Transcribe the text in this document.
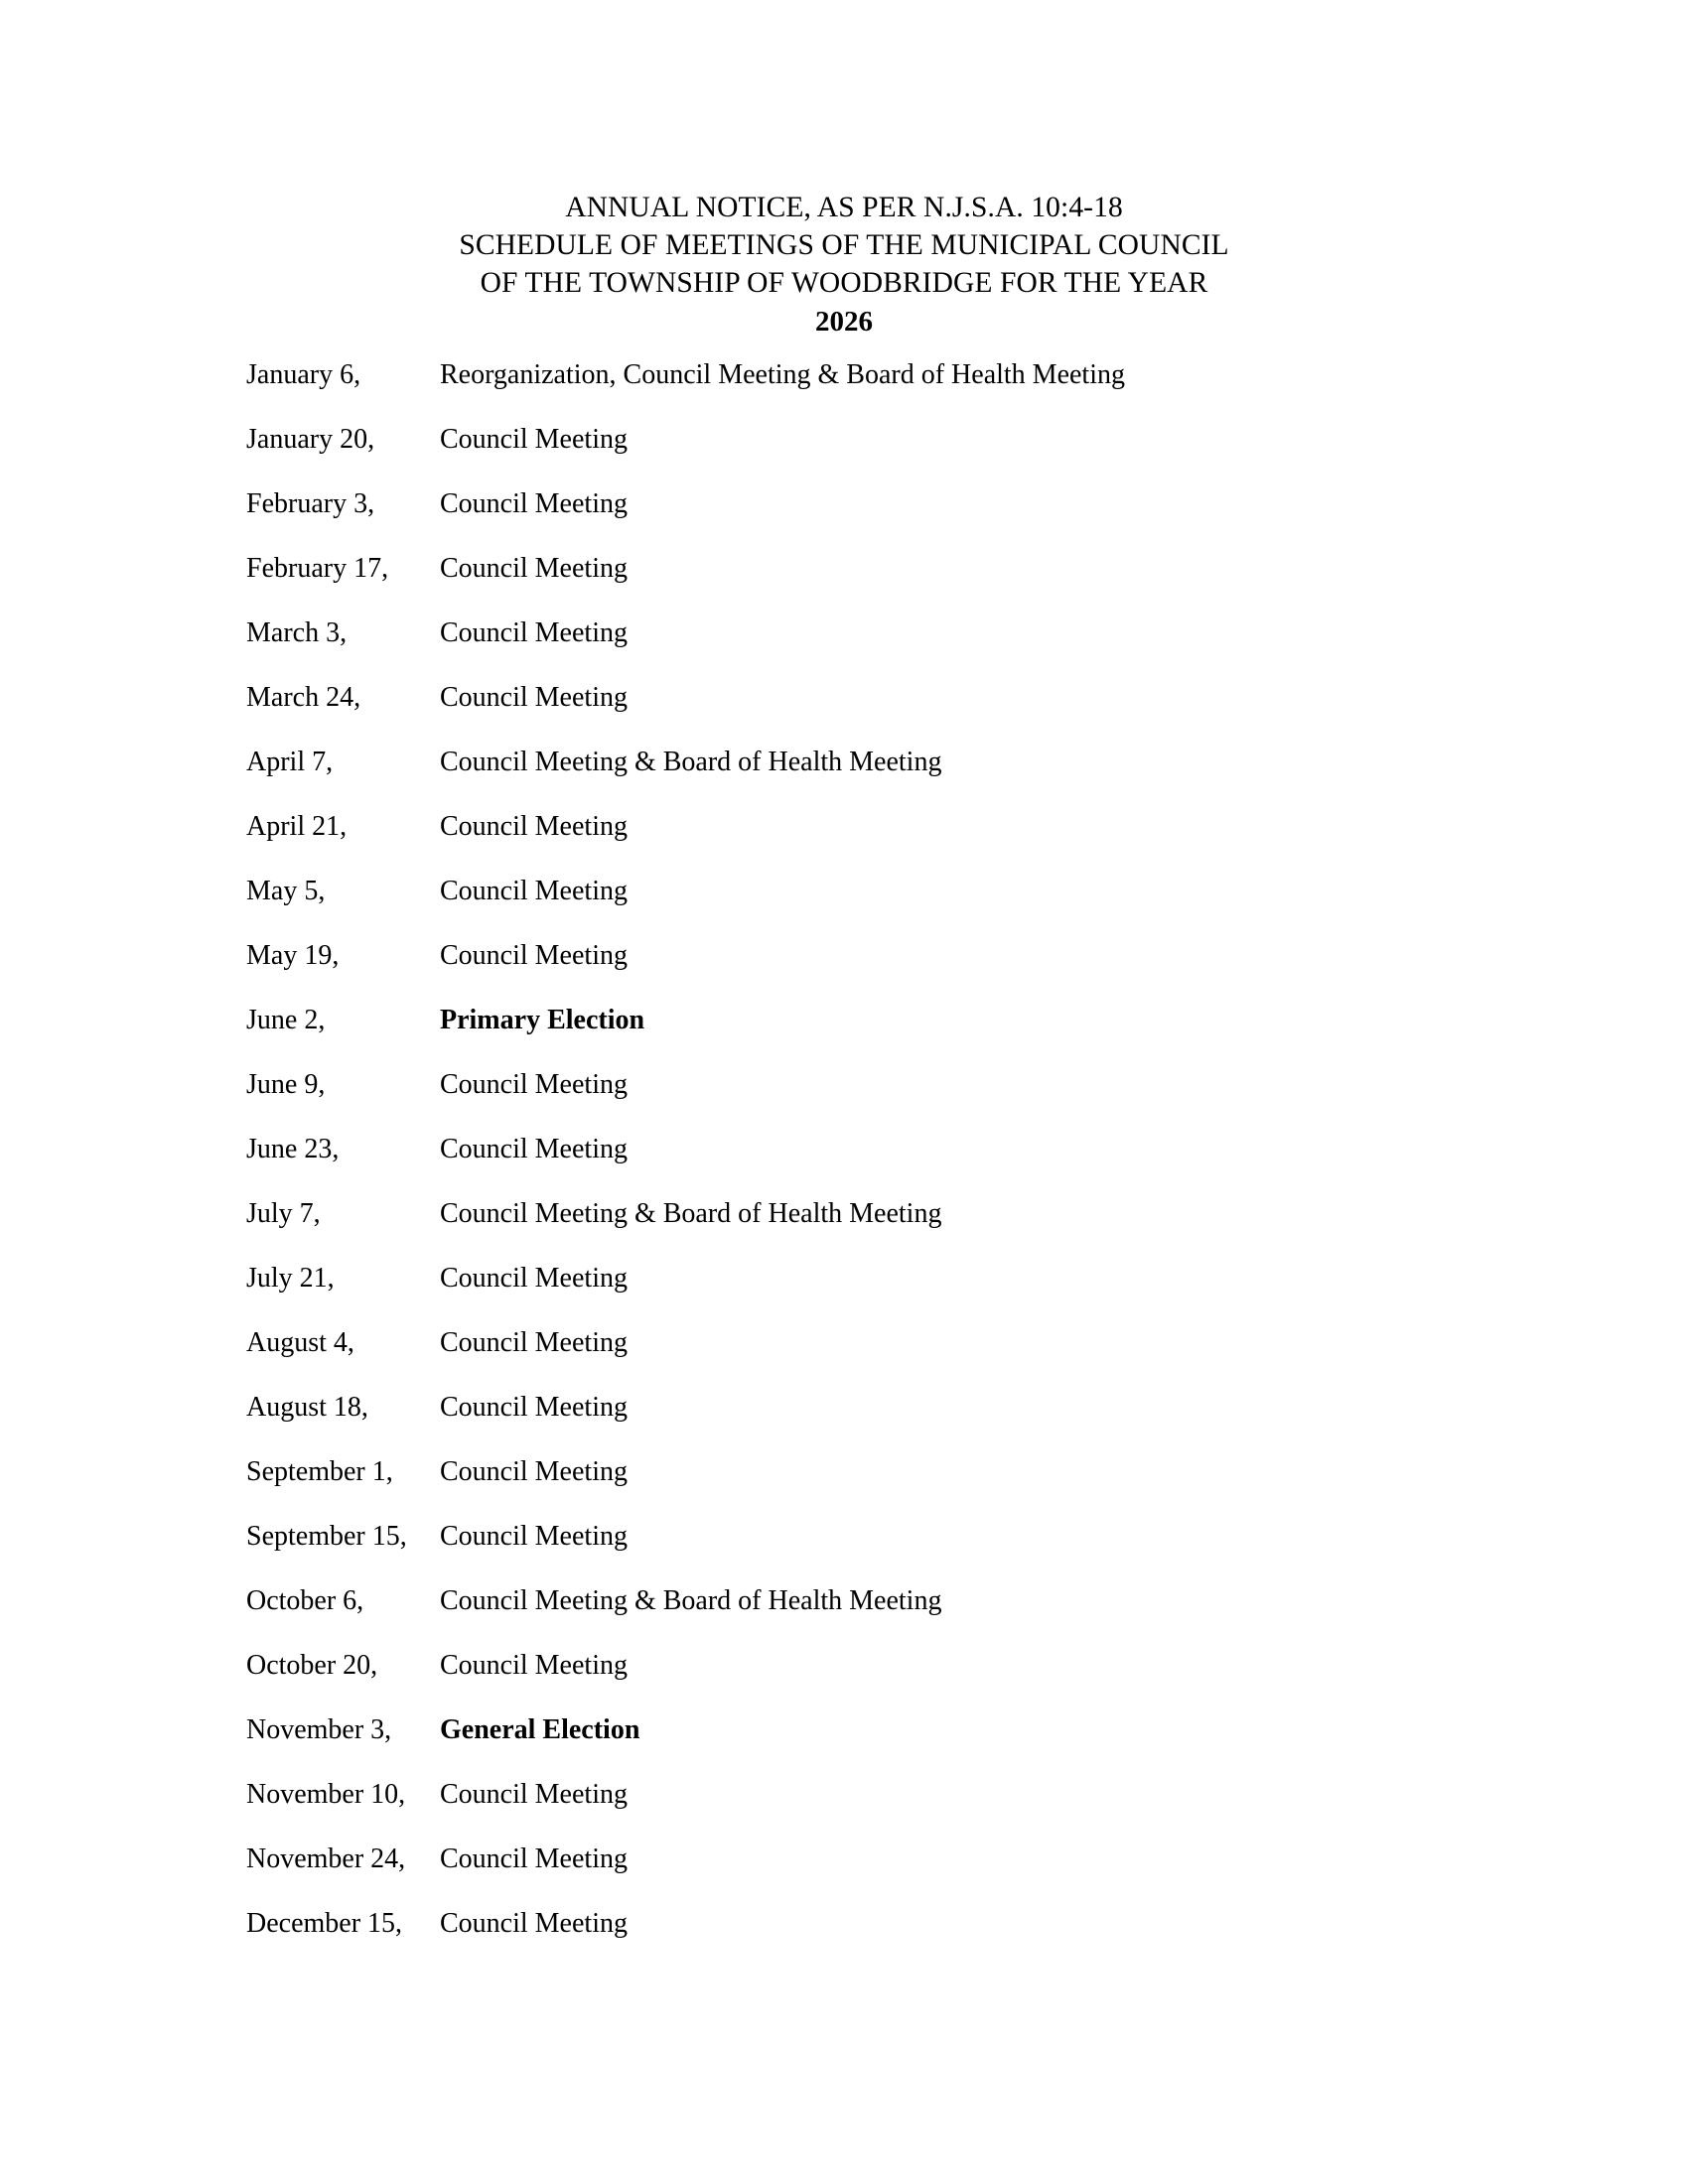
ANNUAL NOTICE, AS PER N.J.S.A. 10:4-18
SCHEDULE OF MEETINGS OF THE MUNICIPAL COUNCIL
OF THE TOWNSHIP OF WOODBRIDGE FOR THE YEAR
2026
January 6,	Reorganization, Council Meeting & Board of Health Meeting
January 20, Council Meeting
February 3, Council Meeting
February 17, Council Meeting
March 3,	Council Meeting
March 24,	Council Meeting
April 7,	Council Meeting & Board of Health Meeting
April 21,	Council Meeting
May 5,	Council Meeting
May 19,	Council Meeting
June 2,	Primary Election
June 9,	Council Meeting
June 23,	Council Meeting
July 7,	Council Meeting & Board of Health Meeting
July 21,	Council Meeting
August 4,	Council Meeting
August 18,	Council Meeting
September 1, Council Meeting
September 15, Council Meeting
October 6,	Council Meeting & Board of Health Meeting
October 20, Council Meeting
November 3, General Election
November 10, Council Meeting
November 24, Council Meeting
December 15, Council Meeting
